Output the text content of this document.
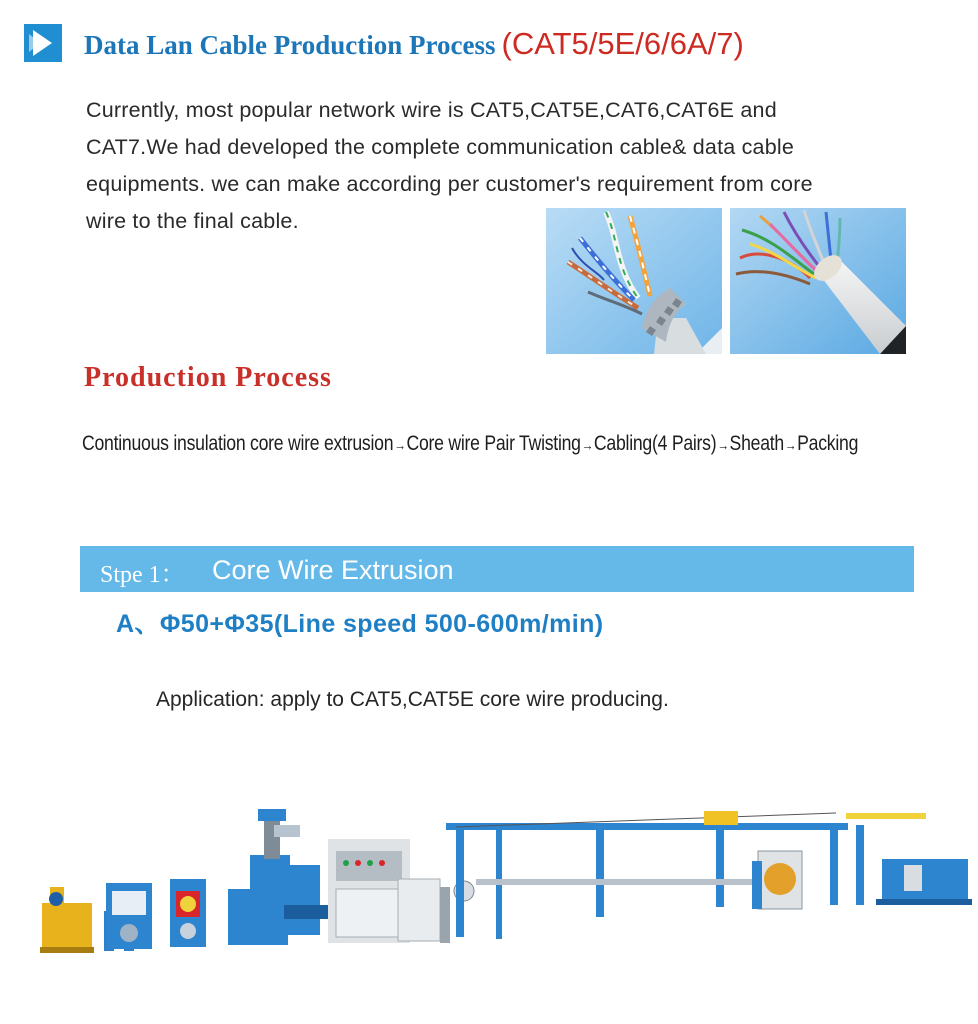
Data Lan Cable Production Process (CAT5/5E/6/6A/7)
Currently, most popular network wire is CAT5,CAT5E,CAT6,CAT6E and
CAT7.We had developed the complete communication cable& data cable
equipments. we can make according per customer's requirement from core
wire to the final cable.
Production Process
Continuous insulation core wire extrusion→Core wire Pair Twisting→Cabling(4 Pairs)→Sheath→Packing
Stpe 1： Core Wire Extrusion
A、Φ50+Φ35(Line speed 500-600m/min)
Application: apply to CAT5,CAT5E core wire producing.
